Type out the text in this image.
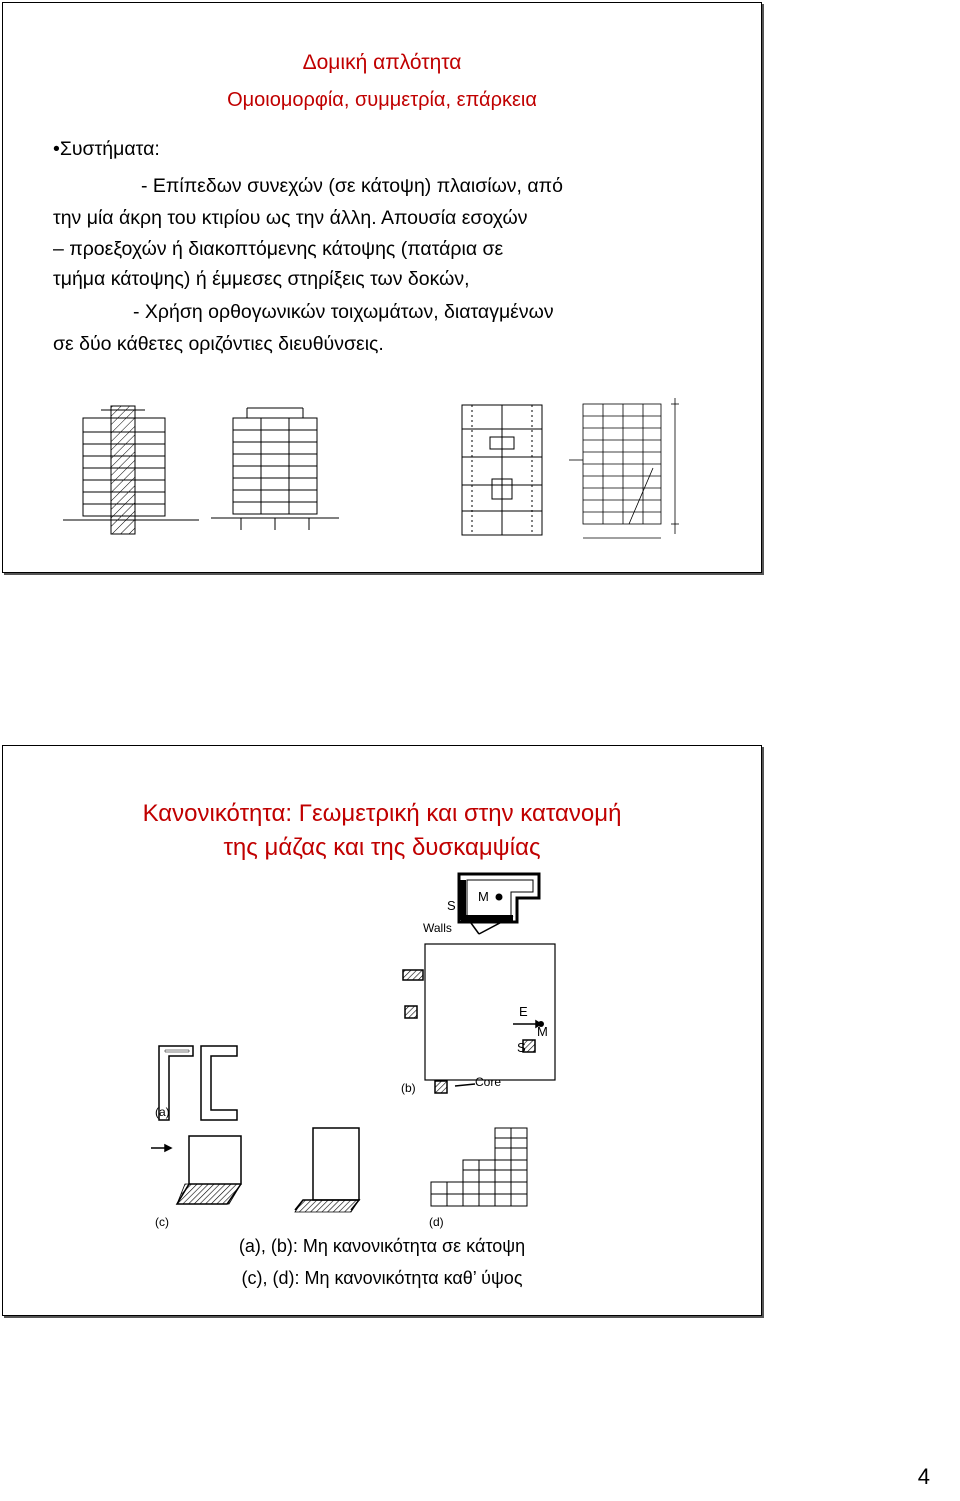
Δομική απλότητα
Ομοιομορφία, συμμετρία, επάρκεια
•Συστήματα:
- Επίπεδων συνεχών (σε κάτοψη) πλαισίων, από
την μία άκρη του κτιρίου ως την άλλη. Απουσία εσοχών
– προεξοχών ή διακοπτόμενης κάτοψης (πατάρια σε
τμήμα κάτοψης) ή έμμεσες στηρίξεις των δοκών,
- Χρήση ορθογωνικών τοιχωμάτων, διαταγμένων
σε δύο κάθετες οριζόντιες διευθύνσεις.
Κανονικότητα: Γεωμετρική και στην κατανομή
της μάζας και της δυσκαμψίας
M
S
Walls
E
M
S
Core
(a)
(b)
(c)	(d)
(a), (b): Μη κανονικότητα σε κάτοψη
(c), (d): Μη κανονικότητα καθ’ ύψος
4
